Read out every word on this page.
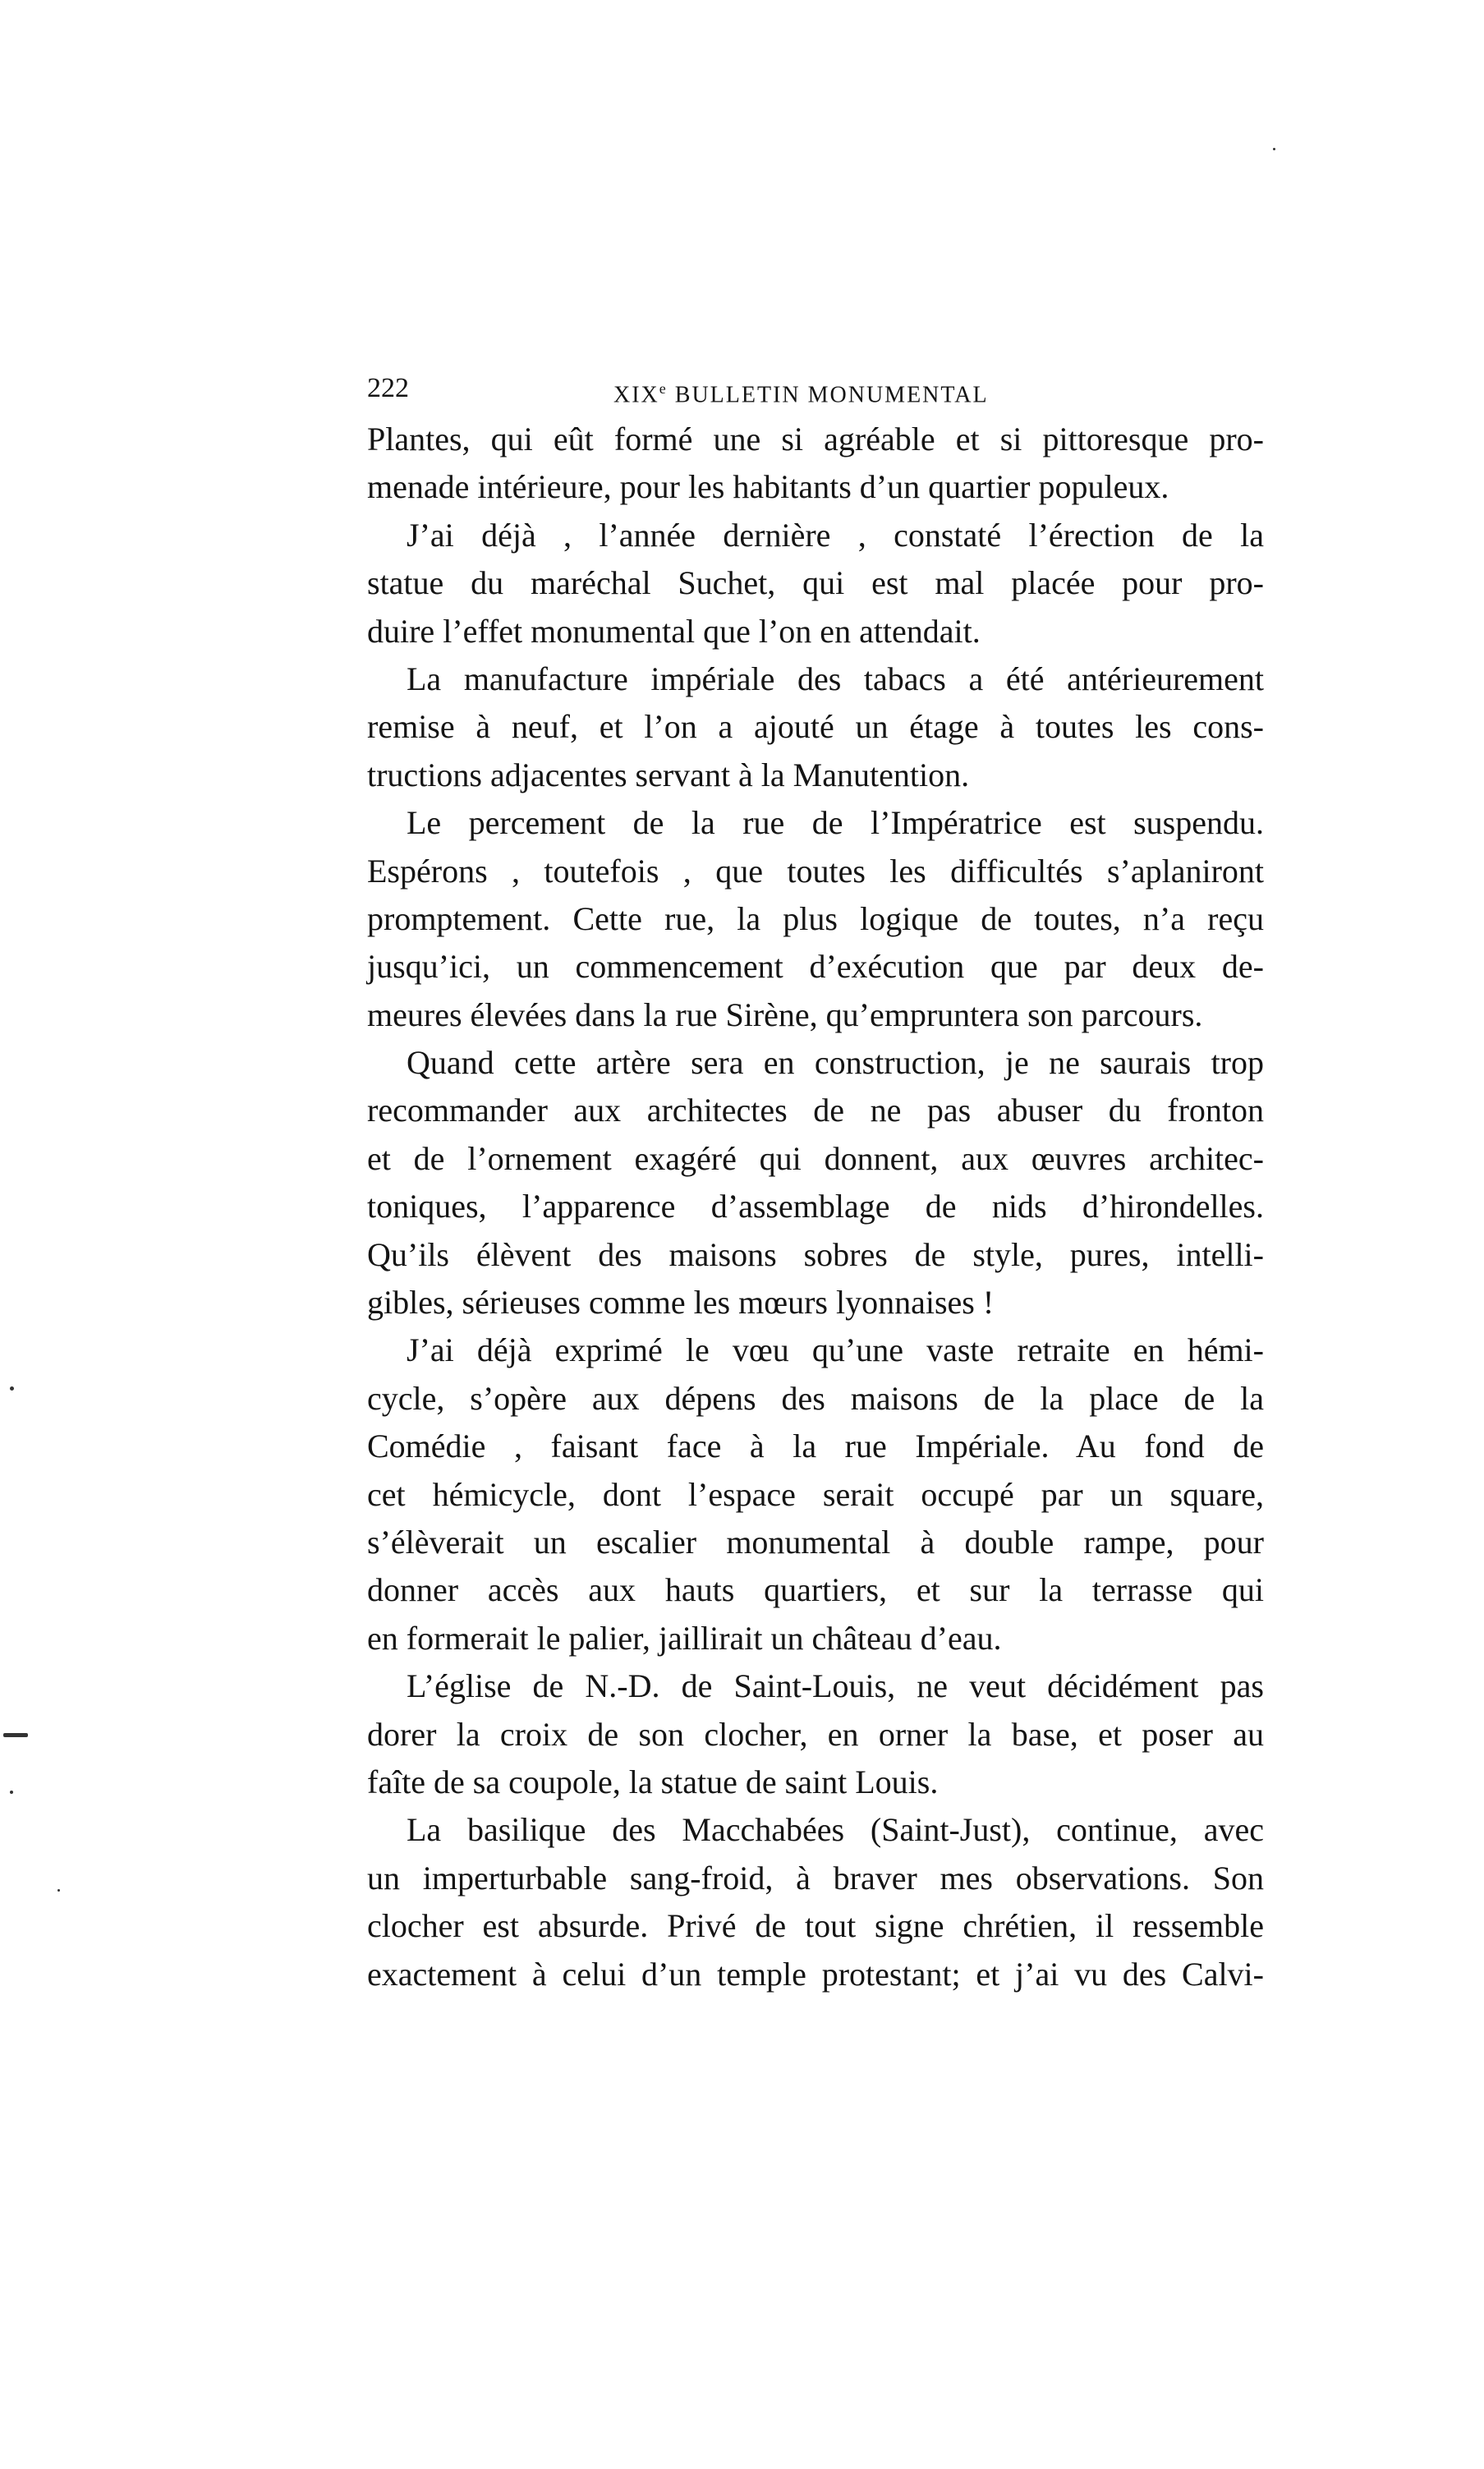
222	XIXe BULLETIN MONUMENTAL
Plantes, qui eût formé une si agréable et si pittoresque pro-
menade intérieure, pour les habitants d’un quartier populeux.
J’ai déjà , l’année dernière , constaté l’érection de la
statue du maréchal Suchet, qui est mal placée pour pro-
duire l’effet monumental que l’on en attendait.
La manufacture impériale des tabacs a été antérieurement
remise à neuf, et l’on a ajouté un étage à toutes les cons-
tructions adjacentes servant à la Manutention.
Le percement de la rue de l’Impératrice est suspendu.
Espérons , toutefois , que toutes les difficultés s’aplaniront
promptement. Cette rue, la plus logique de toutes, n’a reçu
jusqu’ici, un commencement d’exécution que par deux de-
meures élevées dans la rue Sirène, qu’empruntera son parcours.
Quand cette artère sera en construction, je ne saurais trop
recommander aux architectes de ne pas abuser du fronton
et de l’ornement exagéré qui donnent, aux œuvres architec-
toniques, l’apparence d’assemblage de nids d’hirondelles.
Qu’ils élèvent des maisons sobres de style, pures, intelli-
gibles, sérieuses comme les mœurs lyonnaises !
J’ai déjà exprimé le vœu qu’une vaste retraite en hémi-
cycle, s’opère aux dépens des maisons de la place de la
Comédie , faisant face à la rue Impériale. Au fond de
cet hémicycle, dont l’espace serait occupé par un square,
s’élèverait un escalier monumental à double rampe, pour
donner accès aux hauts quartiers, et sur la terrasse qui
en formerait le palier, jaillirait un château d’eau.
L’église de N.-D. de Saint-Louis, ne veut décidément pas
dorer la croix de son clocher, en orner la base, et poser au
faîte de sa coupole, la statue de saint Louis.
La basilique des Macchabées (Saint-Just), continue, avec
un imperturbable sang-froid, à braver mes observations. Son
clocher est absurde. Privé de tout signe chrétien, il ressemble
exactement à celui d’un temple protestant; et j’ai vu des Calvi-
